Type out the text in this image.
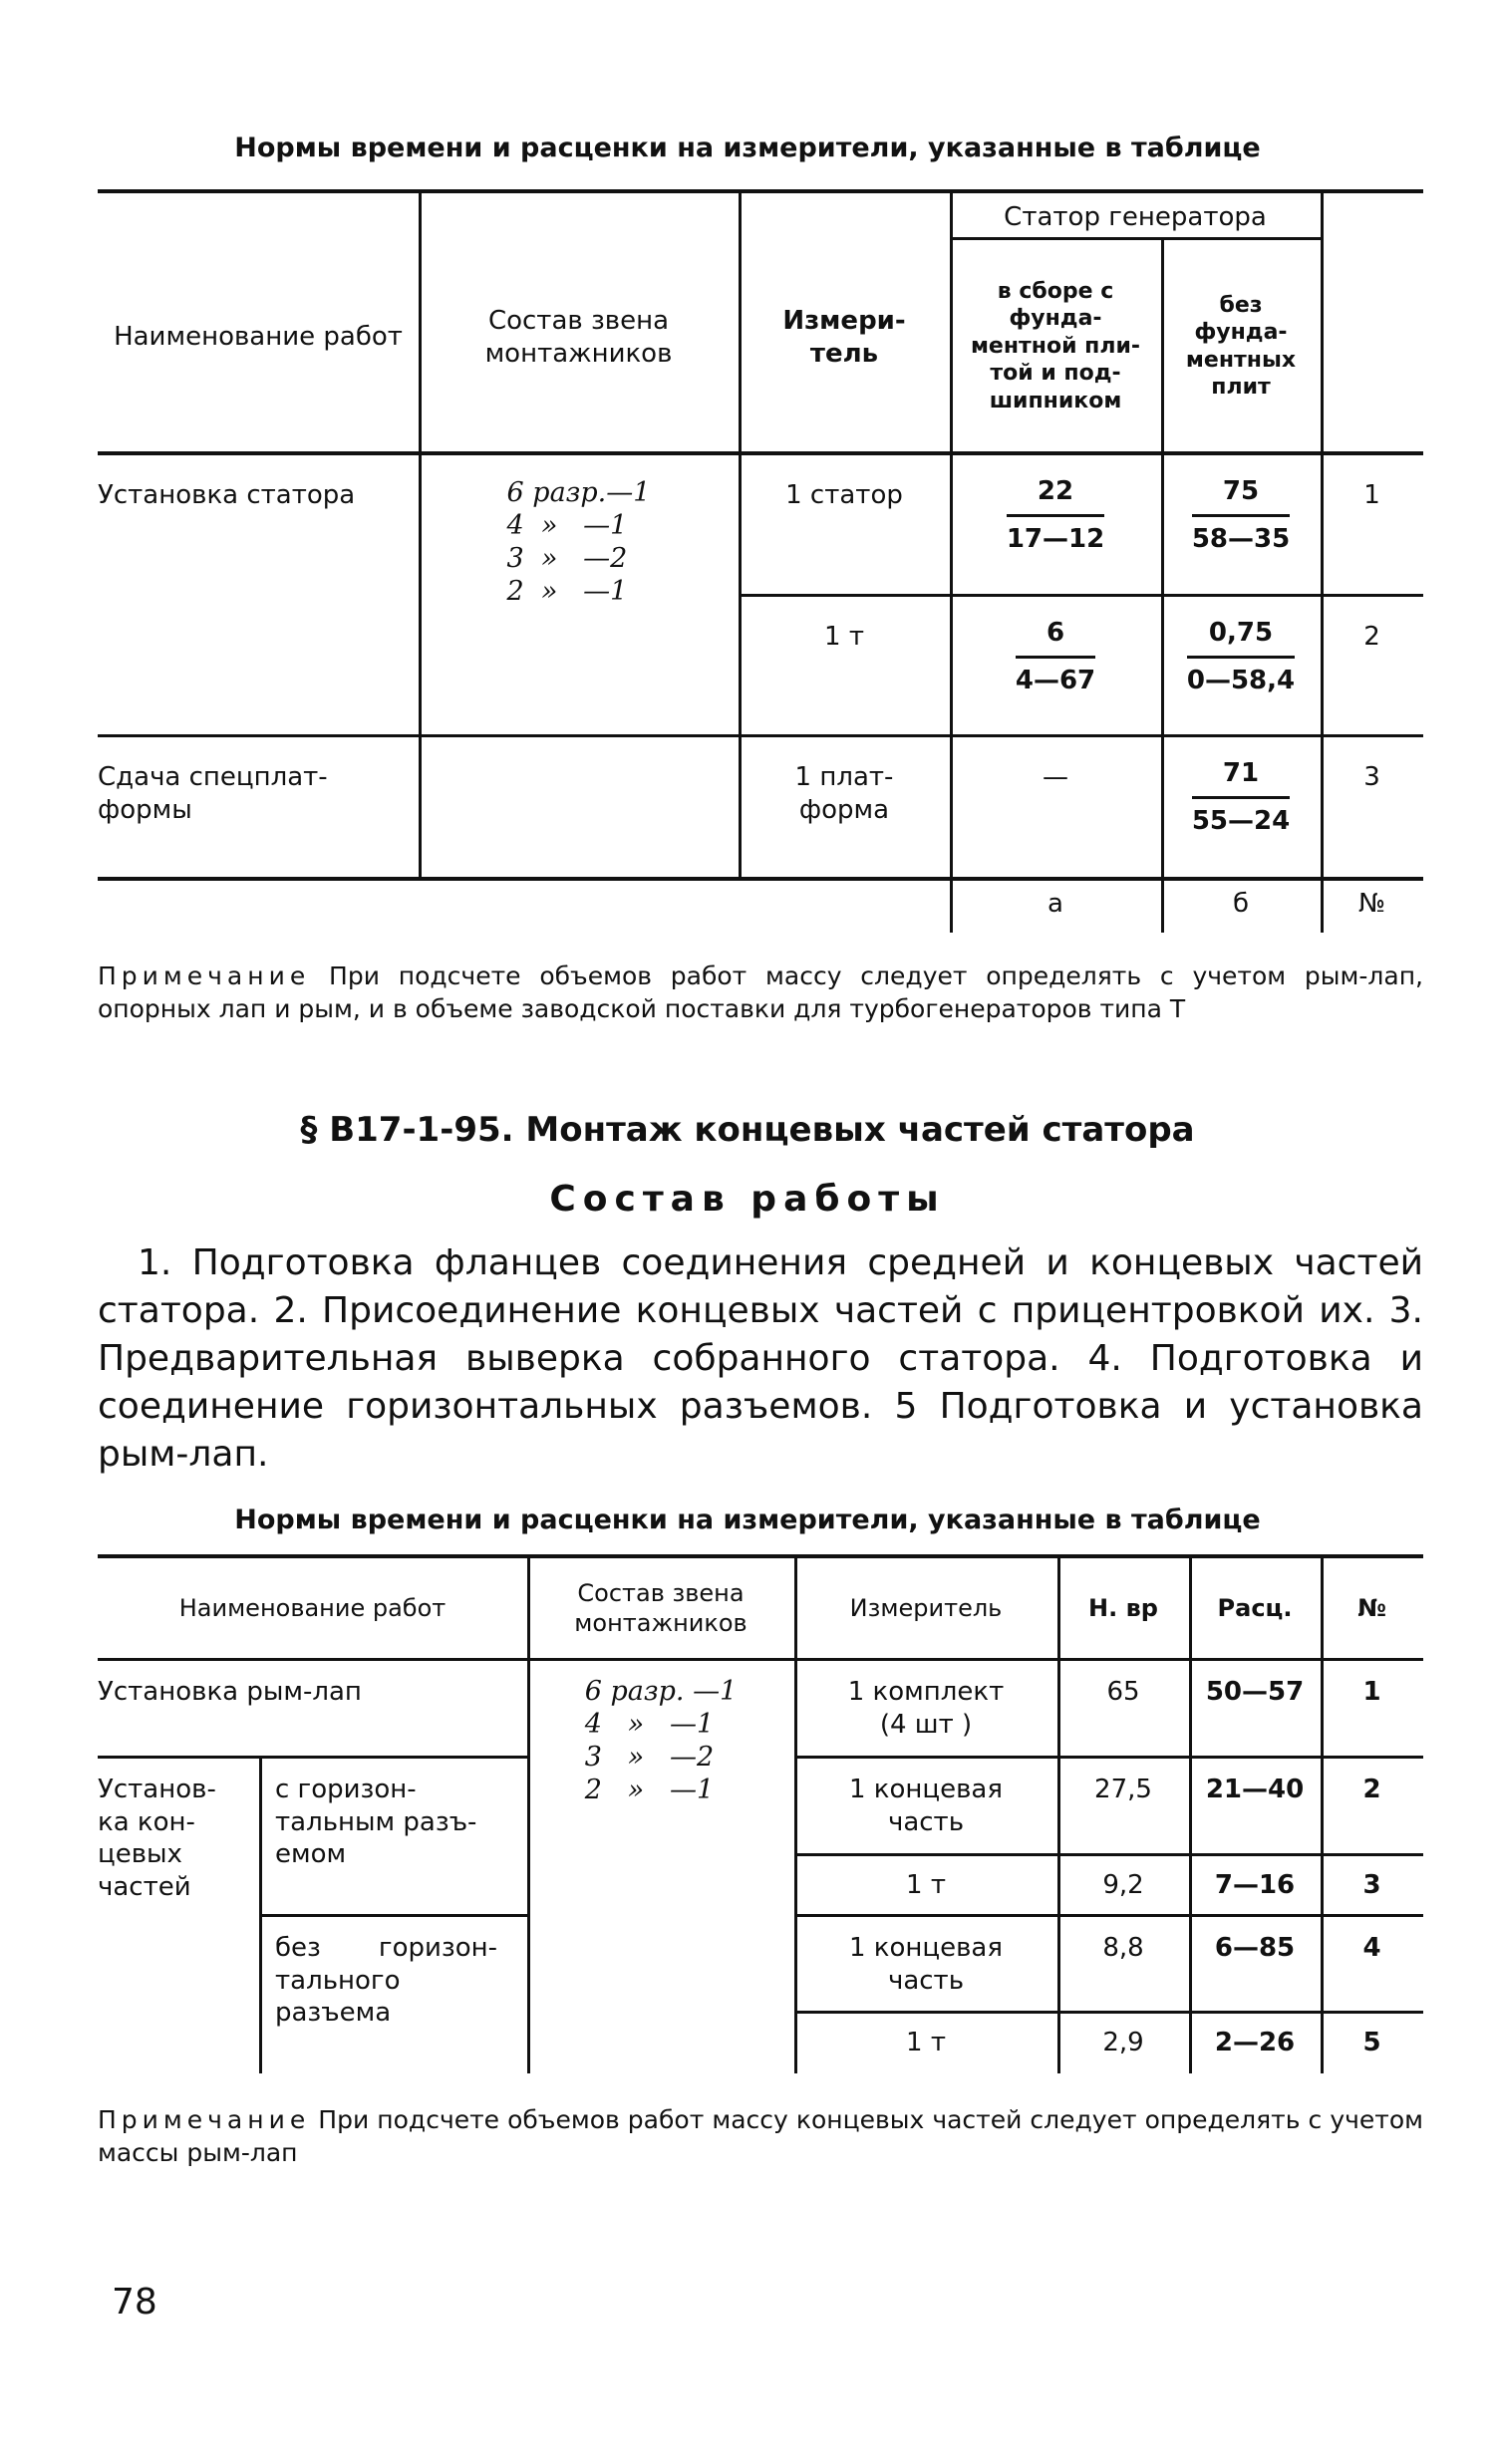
Нормы времени и расценки на измерители, указанные в таблице
Наименование работ	Состав звена монтажников	Измери- тель	Статор генератора		
			в сборе с фунда- ментной пли- той и под- шипником	без фунда- ментных плит	
Установка статора	6 разр.—1
4  »   —1
3  »   —2
2  »   —1	1 статор	$\frac{22}{17—12}$	$\frac{75}{58—35}$	1
		1 т	$\frac{6}{4—67}$	$\frac{0,75}{0—58,4}$	2
Сдача спецплат- формы		1 плат- форма	—	$\frac{71}{55—24}$	3
			а	б	№
Примечание При подсчете объемов работ массу следует определять с учетом рым-лап, опорных лап и рым, и в объеме заводской поставки для турбогенераторов типа Т
§ В17-1-95. Монтаж концевых частей статора
Состав работы
1. Подготовка фланцев соединения средней и концевых частей статора. 2. Присоединение концевых частей с прицентровкой их. 3. Предварительная выверка собранного статора. 4. Подготовка и соединение горизонтальных разъемов. 5 Подготовка и установка рым-лап.
Нормы времени и расценки на измерители, указанные в таблице
Наименование работ		Состав звена монтажников	Измеритель	Н. вр	Расц.	№
Установка рым-лап		6 разр. —1
4   »   —1
3   »   —2
2   »   —1	1 комплект (4 шт )	65	50—57	1
Установ- ка кон- цевых частей	с горизон- тальным разъ- емом		1 концевая часть	27,5	21—40	2
			1 т	9,2	7—16	3
	без горизон- тального разъема		1 концевая часть	8,8	6—85	4
			1 т	2,9	2—26	5
Примечание При подсчете объемов работ массу концевых частей следует определять с учетом массы рым-лап
78
